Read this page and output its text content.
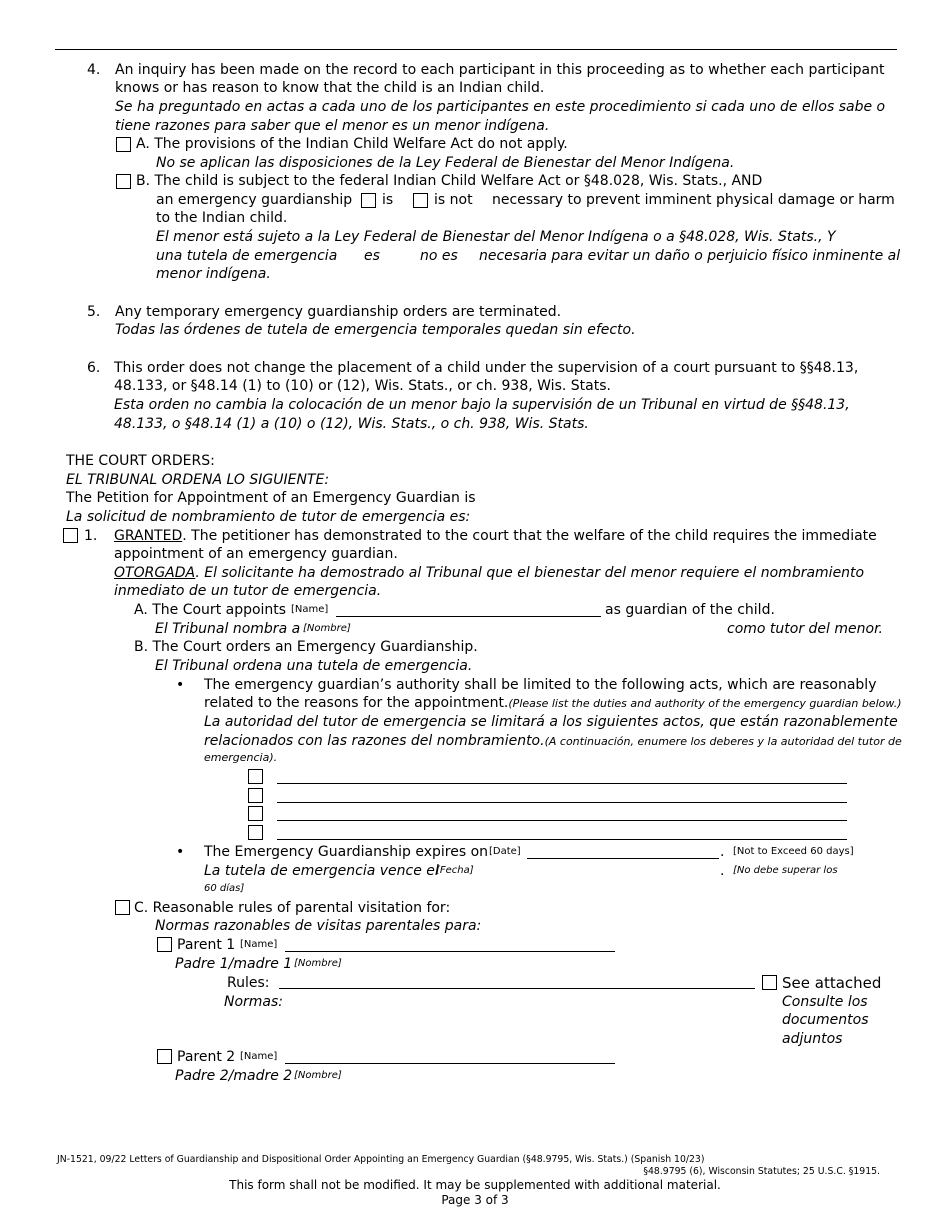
4. An inquiry has been made on the record to each participant in this proceeding as to whether each participant
knows or has reason to know that the child is an Indian child.
Se ha preguntado en actas a cada uno de los participantes en este procedimiento si cada uno de ellos sabe o
tiene razones para saber que el menor es un menor indígena.
A. The provisions of the Indian Child Welfare Act do not apply.
No se aplican las disposiciones de la Ley Federal de Bienestar del Menor Indígena.
B. The child is subject to the federal Indian Child Welfare Act or §48.028, Wis. Stats., AND
an emergency guardianship is	is not necessary to prevent imminent physical damage or harm
to the Indian child.
El menor está sujeto a la Ley Federal de Bienestar del Menor Indígena o a §48.028, Wis. Stats., Y
una tutela de emergencia es	no es necesaria para evitar un daño o perjuicio físico inminente al
menor indígena.
5. Any temporary emergency guardianship orders are terminated.
Todas las órdenes de tutela de emergencia temporales quedan sin efecto.
6. This order does not change the placement of a child under the supervision of a court pursuant to §§48.13,
48.133, or §48.14 (1) to (10) or (12), Wis. Stats., or ch. 938, Wis. Stats.
Esta orden no cambia la colocación de un menor bajo la supervisión de un Tribunal en virtud de §§48.13,
48.133, o §48.14 (1) a (10) o (12), Wis. Stats., o ch. 938, Wis. Stats.
THE COURT ORDERS:
EL TRIBUNAL ORDENA LO SIGUIENTE:
The Petition for Appointment of an Emergency Guardian is
La solicitud de nombramiento de tutor de emergencia es:
1. GRANTED. The petitioner has demonstrated to the court that the welfare of the child requires the immediate
appointment of an emergency guardian.
OTORGADA. El solicitante ha demostrado al Tribunal que el bienestar del menor requiere el nombramiento
inmediato de un tutor de emergencia.
A. The Court appoints [Name]	as guardian of the child.
El Tribunal nombra a [Nombre]	como tutor del menor.
B. The Court orders an Emergency Guardianship.
El Tribunal ordena una tutela de emergencia.
• The emergency guardian’s authority shall be limited to the following acts, which are reasonably
related to the reasons for the appointment.(Please list the duties and authority of the emergency guardian below.)
La autoridad del tutor de emergencia se limitará a los siguientes actos, que están razonablemente
relacionados con las razones del nombramiento.(A continuación, enumere los deberes y la autoridad del tutor de
emergencia).
• The Emergency Guardianship expires on [Date]	. [Not to Exceed 60 days]
La tutela de emergencia vence el
[Fecha]	. [No debe superar los
60 días]
C. Reasonable rules of parental visitation for:
Normas razonables de visitas parentales para:
Parent 1 [Name]
Padre 1/madre 1 [Nombre]
Rules:
Normas:
See attached
Consulte los
documentos
adjuntos
Parent 2 [Name]
Padre 2/madre 2 [Nombre]
JN-1521, 09/22 Letters of Guardianship and Dispositional Order Appointing an Emergency Guardian (§48.9795, Wis. Stats.) (Spanish 10/23)
§48.9795 (6), Wisconsin Statutes; 25 U.S.C. §1915.
This form shall not be modified. It may be supplemented with additional material.
Page 3 of 3
